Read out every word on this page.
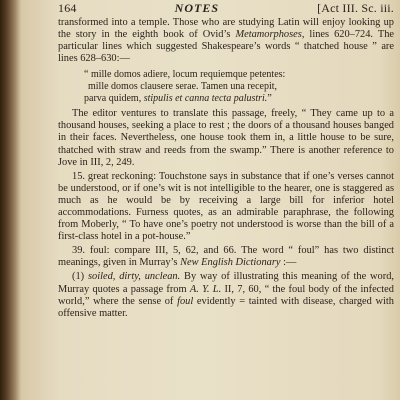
164	NOTES	[Act III. Sc. iii.

transformed into a temple. Those who are studying Latin will enjoy looking up the story in the eighth book of Ovid’s Metamorphoses, lines 620–724. The particular lines which suggested Shakespeare’s words “ thatched house ” are lines 628–630:—

“ mille domos adiere, locum requiemque petentes:
mille domos clausere serae. Tamen una recepit,
parva quidem, stipulis et canna tecta palustri.”

The editor ventures to translate this passage, freely, “ They came up to a thousand houses, seeking a place to rest ; the doors of a thousand houses banged in their faces. Nevertheless, one house took them in, a little house to be sure, thatched with straw and reeds from the swamp.” There is another reference to Jove in III, 2, 249.

15. great reckoning: Touchstone says in substance that if one’s verses cannot be understood, or if one’s wit is not intelligible to the hearer, one is staggered as much as he would be by receiving a large bill for inferior hotel accommodations. Furness quotes, as an admirable paraphrase, the following from Moberly, “ To have one’s poetry not understood is worse than the bill of a first-class hotel in a pot-house.”

39. foul: compare III, 5, 62, and 66. The word “ foul” has two distinct meanings, given in Murray’s New English Dictionary :—

(1) soiled, dirty, unclean. By way of illustrating this meaning of the word, Murray quotes a passage from A. Y. L. II, 7, 60, “ the foul body of the infected world,” where the sense of foul evidently = tainted with disease, charged with offensive matter.
